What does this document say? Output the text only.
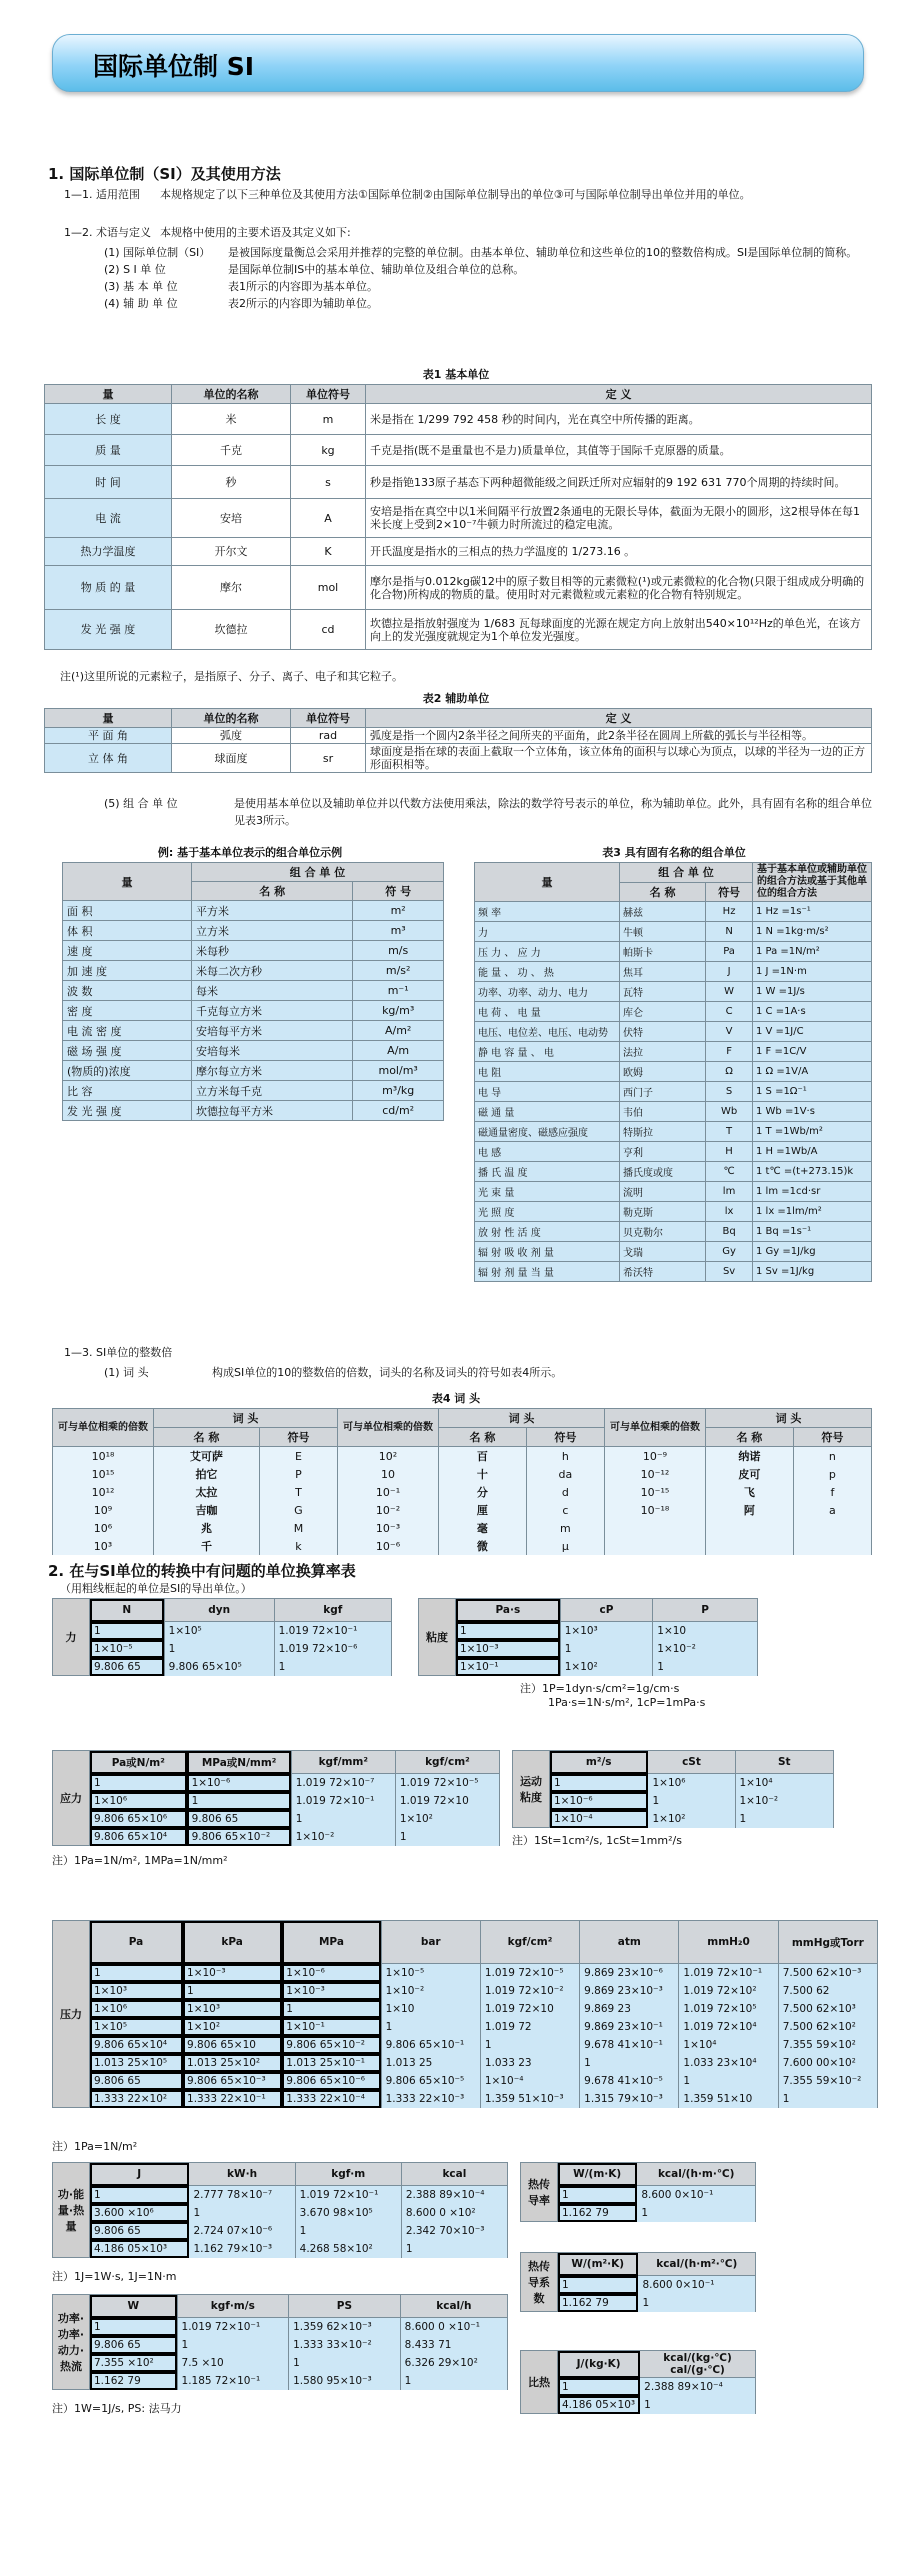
国际单位制 SI
1. 国际单位制（SI）及其使用方法
1—1. 适用范围	本规格规定了以下三种单位及其使用方法①国际单位制②由国际单位制导出的单位③可与国际单位制导出单位并用的单位。
1—2. 术语与定义 本规格中使用的主要术语及其定义如下:
(1) 国际单位制（SI）	是被国际度量衡总会采用并推荐的完整的单位制。由基本单位、辅助单位和这些单位的10的整数倍构成。SI是国际单位制的简称。
(2) S I 单 位	是国际单位制IS中的基本单位、辅助单位及组合单位的总称。
(3) 基 本 单 位	表1所示的内容即为基本单位。
(4) 辅 助 单 位	表2所示的内容即为辅助单位。
表1 基本单位
量	单位的名称	单位符号	定 义
长 度	米	m	米是指在 1/299 792 458 秒的时间内，光在真空中所传播的距离。
质 量	千克	kg	千克是指(既不是重量也不是力)质量单位，其值等于国际千克原器的质量。
时 间	秒	s	秒是指铯133原子基态下两种超微能级之间跃迁所对应辐射的9 192 631 770个周期的持续时间。
电 流	安培	A	安培是指在真空中以1米间隔平行放置2条通电的无限长导体，截面为无限小的圆形，这2根导体在每1米长度上受到2×10⁻⁷牛顿力时所流过的稳定电流。
热力学温度	开尔文	K	开氏温度是指水的三相点的热力学温度的 1/273.16 。
物 质 的 量	摩尔	mol	摩尔是指与0.012kg碳12中的原子数目相等的元素微粒(¹)或元素微粒的化合物(只限于组成成分明确的化合物)所构成的物质的量。使用时对元素微粒或元素粒的化合物有特别规定。
发 光 强 度	坎德拉	cd	坎德拉是指放射强度为 1/683 瓦每球面度的光源在规定方向上放射出540×10¹²Hz的单色光，在该方向上的发光强度就规定为1个单位发光强度。
注(¹)这里所说的元素粒子，是指原子、分子、离子、电子和其它粒子。
表2 辅助单位
量	单位的名称	单位符号	定 义
平 面 角	弧度	rad	弧度是指一个圆内2条半径之间所夹的平面角，此2条半径在圆周上所截的弧长与半径相等。
立 体 角	球面度	sr	球面度是指在球的表面上截取一个立体角，该立体角的面积与以球心为顶点，以球的半径为一边的正方形面积相等。
(5) 组 合 单 位	是使用基本单位以及辅助单位并以代数方法使用乘法，除法的数学符号表示的单位，称为辅助单位。此外，具有固有名称的组合单位见表3所示。
例: 基于基本单位表示的组合单位示例
量	组 合 单 位	
	名 称	符 号
面 积	平方米	m²
体 积	立方米	m³
速 度	米每秒	m/s
加 速 度	米每二次方秒	m/s²
波 数	每米	m⁻¹
密 度	千克每立方米	kg/m³
电 流 密 度	安培每平方米	A/m²
磁 场 强 度	安培每米	A/m
(物质的)浓度	摩尔每立方米	mol/m³
比 容	立方米每千克	m³/kg
发 光 强 度	坎德拉每平方米	cd/m²
表3 具有固有名称的组合单位
量	组 合 单 位		基于基本单位或辅助单位的组合方法或基于其他单位的组合方法
	名 称	符号	
频 率	赫兹	Hz	1 Hz =1s⁻¹
力	牛顿	N	1 N =1kg·m/s²
压 力 、 应 力	帕斯卡	Pa	1 Pa =1N/m²
能 量 、 功 、 热	焦耳	J	1 J =1N·m
功率、功率、动力、电力	瓦特	W	1 W =1J/s
电 荷 、 电 量	库仑	C	1 C =1A·s
电压、电位差、电压、电动势	伏特	V	1 V =1J/C
静 电 容 量 、 电	法拉	F	1 F =1C/V
电 阻	欧姆	Ω	1 Ω =1V/A
电 导	西门子	S	1 S =1Ω⁻¹
磁 通 量	韦伯	Wb	1 Wb =1V·s
磁通量密度、磁感应强度	特斯拉	T	1 T =1Wb/m²
电 感	亨利	H	1 H =1Wb/A
播 氏 温 度	播氏度或度	℃	1 t℃ =(t+273.15)k
光 束 量	流明	lm	1 lm =1cd·sr
光 照 度	勒克斯	lx	1 lx =1lm/m²
放 射 性 活 度	贝克勒尔	Bq	1 Bq =1s⁻¹
辐 射 吸 收 剂 量	戈瑞	Gy	1 Gy =1J/kg
辐 射 剂 量 当 量	希沃特	Sv	1 Sv =1J/kg
1—3. SI单位的整数倍
(1) 词 头	构成SI单位的10的整数倍的倍数，词头的名称及词头的符号如表4所示。
表4 词 头
可与单位相乘的倍数	词 头		可与单位相乘的倍数	词 头		可与单位相乘的倍数	词 头	
	名 称	符号		名 称	符号		名 称	符号
10¹⁸	艾可萨	E	10²	百	h	10⁻⁹	纳诺	n
10¹⁵	拍它	P	10	十	da	10⁻¹²	皮可	p
10¹²	太拉	T	10⁻¹	分	d	10⁻¹⁵	飞	f
10⁹	吉咖	G	10⁻²	厘	c	10⁻¹⁸	阿	a
10⁶	兆	M	10⁻³	毫	m			
10³	千	k	10⁻⁶	微	μ			
2. 在与SI单位的转换中有问题的单位换算率表
（用粗线框起的单位是SI的导出单位。）
力	N	dyn	kgf
	1	1×10⁵	1.019 72×10⁻¹
	1×10⁻⁵	1	1.019 72×10⁻⁶
	9.806 65	9.806 65×10⁵	1
粘度	Pa·s	cP	P
	1	1×10³	1×10
	1×10⁻³	1	1×10⁻²
	1×10⁻¹	1×10²	1
注）1P=1dyn·s/cm²=1g/cm·s
1Pa·s=1N·s/m², 1cP=1mPa·s
应力	Pa或N/m²	MPa或N/mm²	kgf/mm²	kgf/cm²
	1	1×10⁻⁶	1.019 72×10⁻⁷	1.019 72×10⁻⁵
	1×10⁶	1	1.019 72×10⁻¹	1.019 72×10
	9.806 65×10⁶	9.806 65	1	1×10²
	9.806 65×10⁴	9.806 65×10⁻²	1×10⁻²	1
注）1Pa=1N/m², 1MPa=1N/mm²
运动粘度	m²/s	cSt	St
	1	1×10⁶	1×10⁴
	1×10⁻⁶	1	1×10⁻²
	1×10⁻⁴	1×10²	1
注）1St=1cm²/s, 1cSt=1mm²/s
压力	Pa	kPa	MPa	bar	kgf/cm²	atm	mmH₂0	mmHg或Torr
	1	1×10⁻³	1×10⁻⁶	1×10⁻⁵	1.019 72×10⁻⁵	9.869 23×10⁻⁶	1.019 72×10⁻¹	7.500 62×10⁻³
	1×10³	1	1×10⁻³	1×10⁻²	1.019 72×10⁻²	9.869 23×10⁻³	1.019 72×10²	7.500 62
	1×10⁶	1×10³	1	1×10	1.019 72×10	9.869 23	1.019 72×10⁵	7.500 62×10³
	1×10⁵	1×10²	1×10⁻¹	1	1.019 72	9.869 23×10⁻¹	1.019 72×10⁴	7.500 62×10²
	9.806 65×10⁴	9.806 65×10	9.806 65×10⁻²	9.806 65×10⁻¹	1	9.678 41×10⁻¹	1×10⁴	7.355 59×10²
	1.013 25×10⁵	1.013 25×10²	1.013 25×10⁻¹	1.013 25	1.033 23	1	1.033 23×10⁴	7.600 00×10²
	9.806 65	9.806 65×10⁻³	9.806 65×10⁻⁶	9.806 65×10⁻⁵	1×10⁻⁴	9.678 41×10⁻⁵	1	7.355 59×10⁻²
	1.333 22×10²	1.333 22×10⁻¹	1.333 22×10⁻⁴	1.333 22×10⁻³	1.359 51×10⁻³	1.315 79×10⁻³	1.359 51×10	1
注）1Pa=1N/m²
功·能量·热量	J	kW·h	kgf·m	kcal
	1	2.777 78×10⁻⁷	1.019 72×10⁻¹	2.388 89×10⁻⁴
	3.600 ×10⁶	1	3.670 98×10⁵	8.600 0 ×10²
	9.806 65	2.724 07×10⁻⁶	1	2.342 70×10⁻³
	4.186 05×10³	1.162 79×10⁻³	4.268 58×10²	1
注）1J=1W·s, 1J=1N·m
热传导率	W/(m·K)	kcal/(h·m·℃)
	1	8.600 0×10⁻¹
	1.162 79	1
热传导系数	W/(m²·K)	kcal/(h·m²·℃)
	1	8.600 0×10⁻¹
	1.162 79	1
功率·功率·动力·热流	W	kgf·m/s	PS	kcal/h
	1	1.019 72×10⁻¹	1.359 62×10⁻³	8.600 0 ×10⁻¹
	9.806 65	1	1.333 33×10⁻²	8.433 71
	7.355 ×10²	7.5 ×10	1	6.326 29×10²
	1.162 79	1.185 72×10⁻¹	1.580 95×10⁻³	1
注）1W=1J/s, PS: 法马力
比热	J/(kg·K)	kcal/(kg·℃) cal/(g·℃)
	1	2.388 89×10⁻⁴
	4.186 05×10³	1
